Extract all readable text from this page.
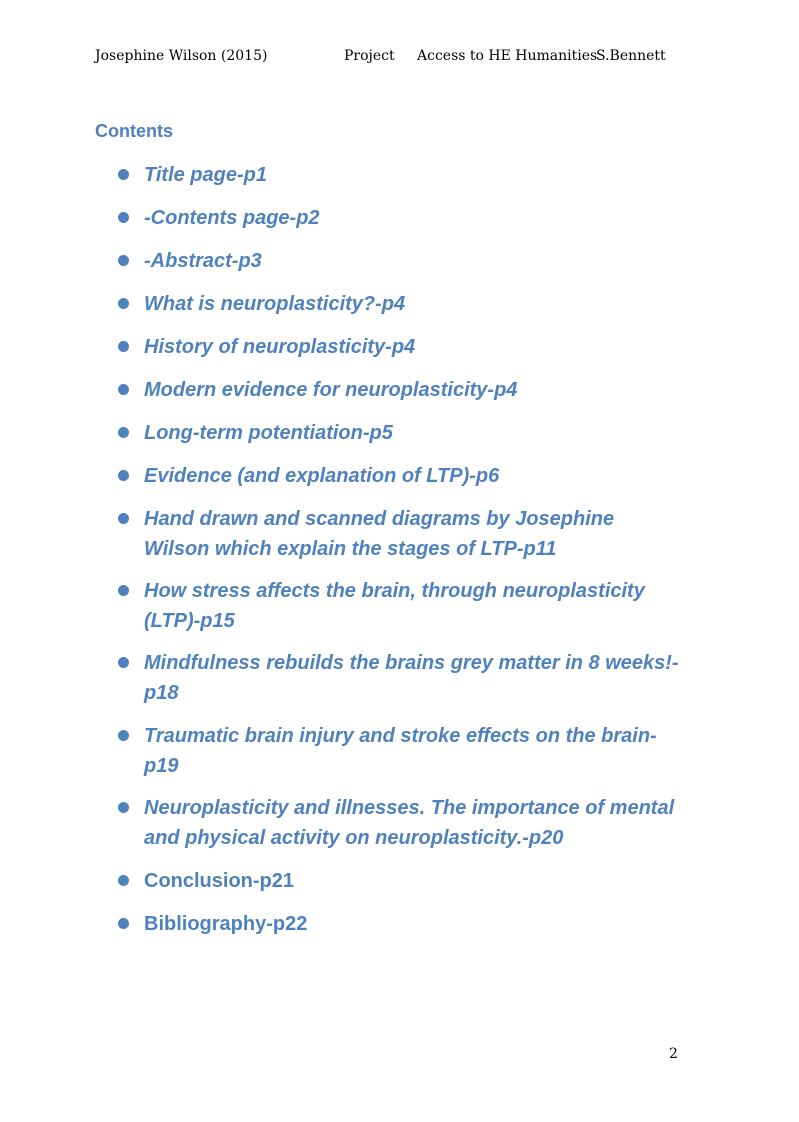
Josephine Wilson (2015)	Project Access to HE Humanities
S.Bennett
Contents
Title page-p1
-Contents page-p2
-Abstract-p3
What is neuroplasticity?-p4
History of neuroplasticity-p4
Modern evidence for neuroplasticity-p4
Long-term potentiation-p5
Evidence (and explanation of LTP)-p6
Hand drawn and scanned diagrams by Josephine Wilson which explain the stages of LTP-p11
How stress affects the brain, through neuroplasticity (LTP)-p15
Mindfulness rebuilds the brains grey matter in 8 weeks!-p18
Traumatic brain injury and stroke effects on the brain-p19
Neuroplasticity and illnesses. The importance of mental and physical activity on neuroplasticity.-p20
Conclusion-p21
Bibliography-p22
2
